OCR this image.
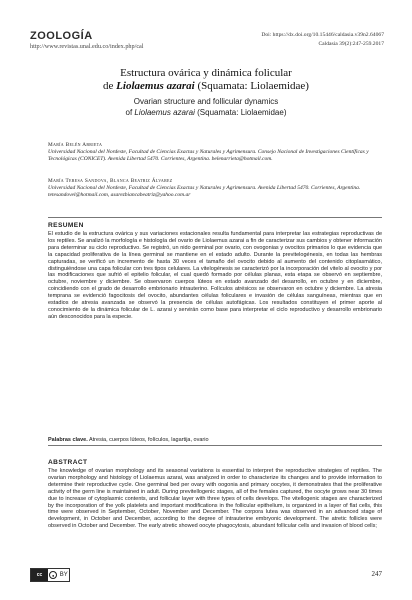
ZOOLOGÍA
http://www.revistas.unal.edu.co/index.php/cal
Doi: https://dx.doi.org/10.15446/caldasia.v39n2.64067
Caldasia 39(2):247-259.2017
Estructura ovárica y dinámica folicular
de Liolaemus azarai (Squamata: Liolaemidae)
Ovarian structure and follicular dynamics
of Liolaemus azarai (Squamata: Liolaemidae)
María Belén Abrieta
Universidad Nacional del Nordeste, Facultad de Ciencias Exactas y Naturales y Agrimensura. Consejo Nacional de Investigaciones Científicas y Tecnológicas (CONICET). Avenida Libertad 5470. Corrientes, Argentina. belenarrieta@hotmail.com.
María Teresa Sandova, Blanca Beatriz Álvarez
Universidad Nacional del Nordeste, Facultad de Ciencias Exactas y Naturales y Agrimensura. Avenida Libertad 5470. Corrientes, Argentina. tetesandovel@hotmail.com, asarezbiancabeatriz@yahoo.com.ar
RESUMEN
El estudio de la estructura ovárica y sus variaciones estacionales resulta fundamental para interpretar las estrategias reproductivas de los reptiles. Se analizó la morfología e histología del ovario de Liolaemus azarai a fin de caracterizar sus cambios y obtener información para determinar su ciclo reproductivo. Se registró, un nido germinal por ovario, con ovogonias y ovocitos primarios lo que evidencia que la capacidad proliferativa de la línea germinal se mantiene en el estado adulto. Durante la previtelogénesis, en todas las hembras capturadas, se verificó un incremento de hasta 30 veces el tamaño del ovocito debido al aumento del contenido citoplasmático, distinguiéndose una capa folicular con tres tipos celulares. La vitelogénesis se caracterizó por la incorporación del vitelo al ovocito y por las modificaciones que sufrió el epitelio folicular, el cual quedó formado por células planas, esta etapa se observó en septiembre, octubre, noviembre y diciembre. Se observaron cuerpos lúteos en estado avanzado del desarrollo, en octubre y en diciembre, coincidiendo con el grado de desarrollo embrionario intrauterino. Folículos atrésicos se observaron en octubre y diciembre. La atresia temprana se evidenció fagocitosis del ovocito, abundantes células foliculares e invasión de células sanguíneas, mientras que en estadios de atresia avanzada se observó la presencia de células autofágicas. Los resultados constituyen el primer aporte al conocimiento de la dinámica folicular de L. azarai y servirán como base para interpretar el ciclo reproductivo y desarrollo embrionario aún desconocidos para la especie.
Palabras clave. Atresia, cuerpos lúteos, folículos, lagartija, ovario
ABSTRACT
The knowledge of ovarian morphology and its seasonal variations is essential to interpret the reproductive strategies of reptiles. The ovarian morphology and histology of Liolaemus azarai, was analyzed in order to characterize its changes and to provide information to determine their reproductive cycle. One germinal bed per ovary with oogonia and primary oocytes, it demonstrates that the proliferative activity of the germ line is maintained in adult. During previtellogenic stages, all of the females captured, the oocyte grows near 30 times due to increase of cytoplasmic contents, and follicular layer with three types of cells develops. The vitellogenic stages are characterized by the incorporation of the yolk platelets and important modifications in the follicular epithelium, is organized in a layer of flat cells, this time were observed in September, October, November and December. The corpora lutea was observed in an advanced stage of development, in October and December, according to the degree of intrauterine embryonic development. The atretic follicles were observed in October and December. The early atretic showed oocyte phagocytosis, abundant follicular cells and invasion of blood cells;
cc	● BY	247
